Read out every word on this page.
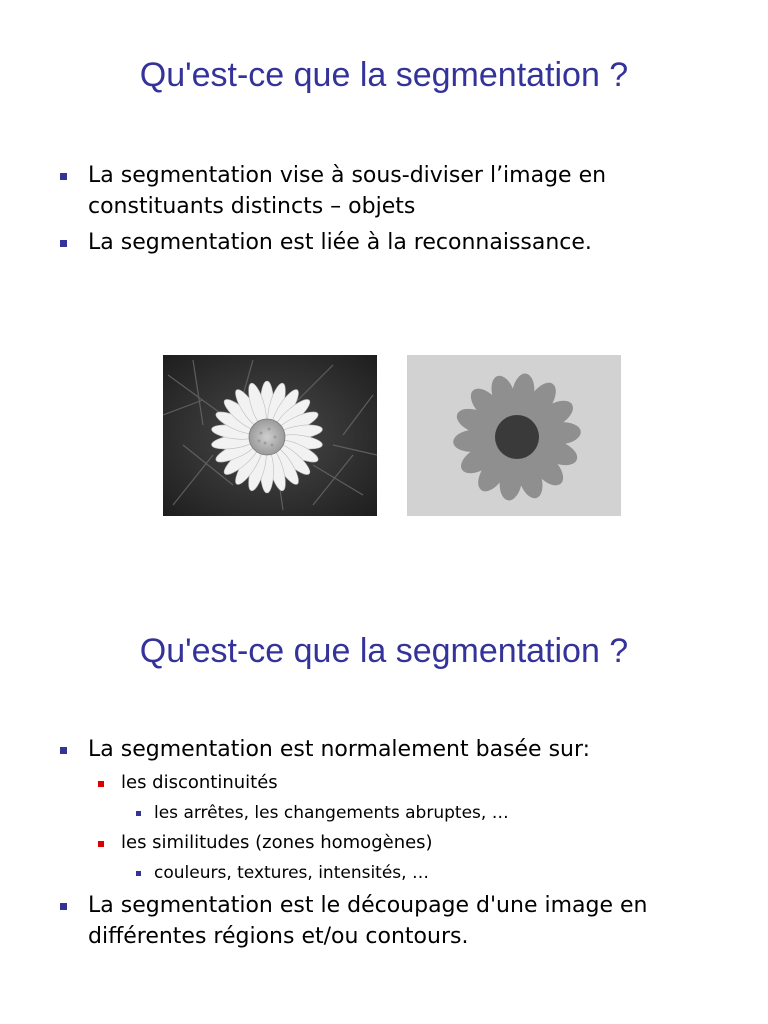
Qu'est-ce que la segmentation ?
La segmentation vise à sous-diviser l’image en constituants distincts – objets
La segmentation est liée à la reconnaissance.
Qu'est-ce que la segmentation ?
La segmentation est normalement basée sur:
les discontinuités
les arrêtes, les changements abruptes, …
les similitudes (zones homogènes)
couleurs, textures, intensités, …
La segmentation est le découpage d'une image en différentes régions et/ou contours.
